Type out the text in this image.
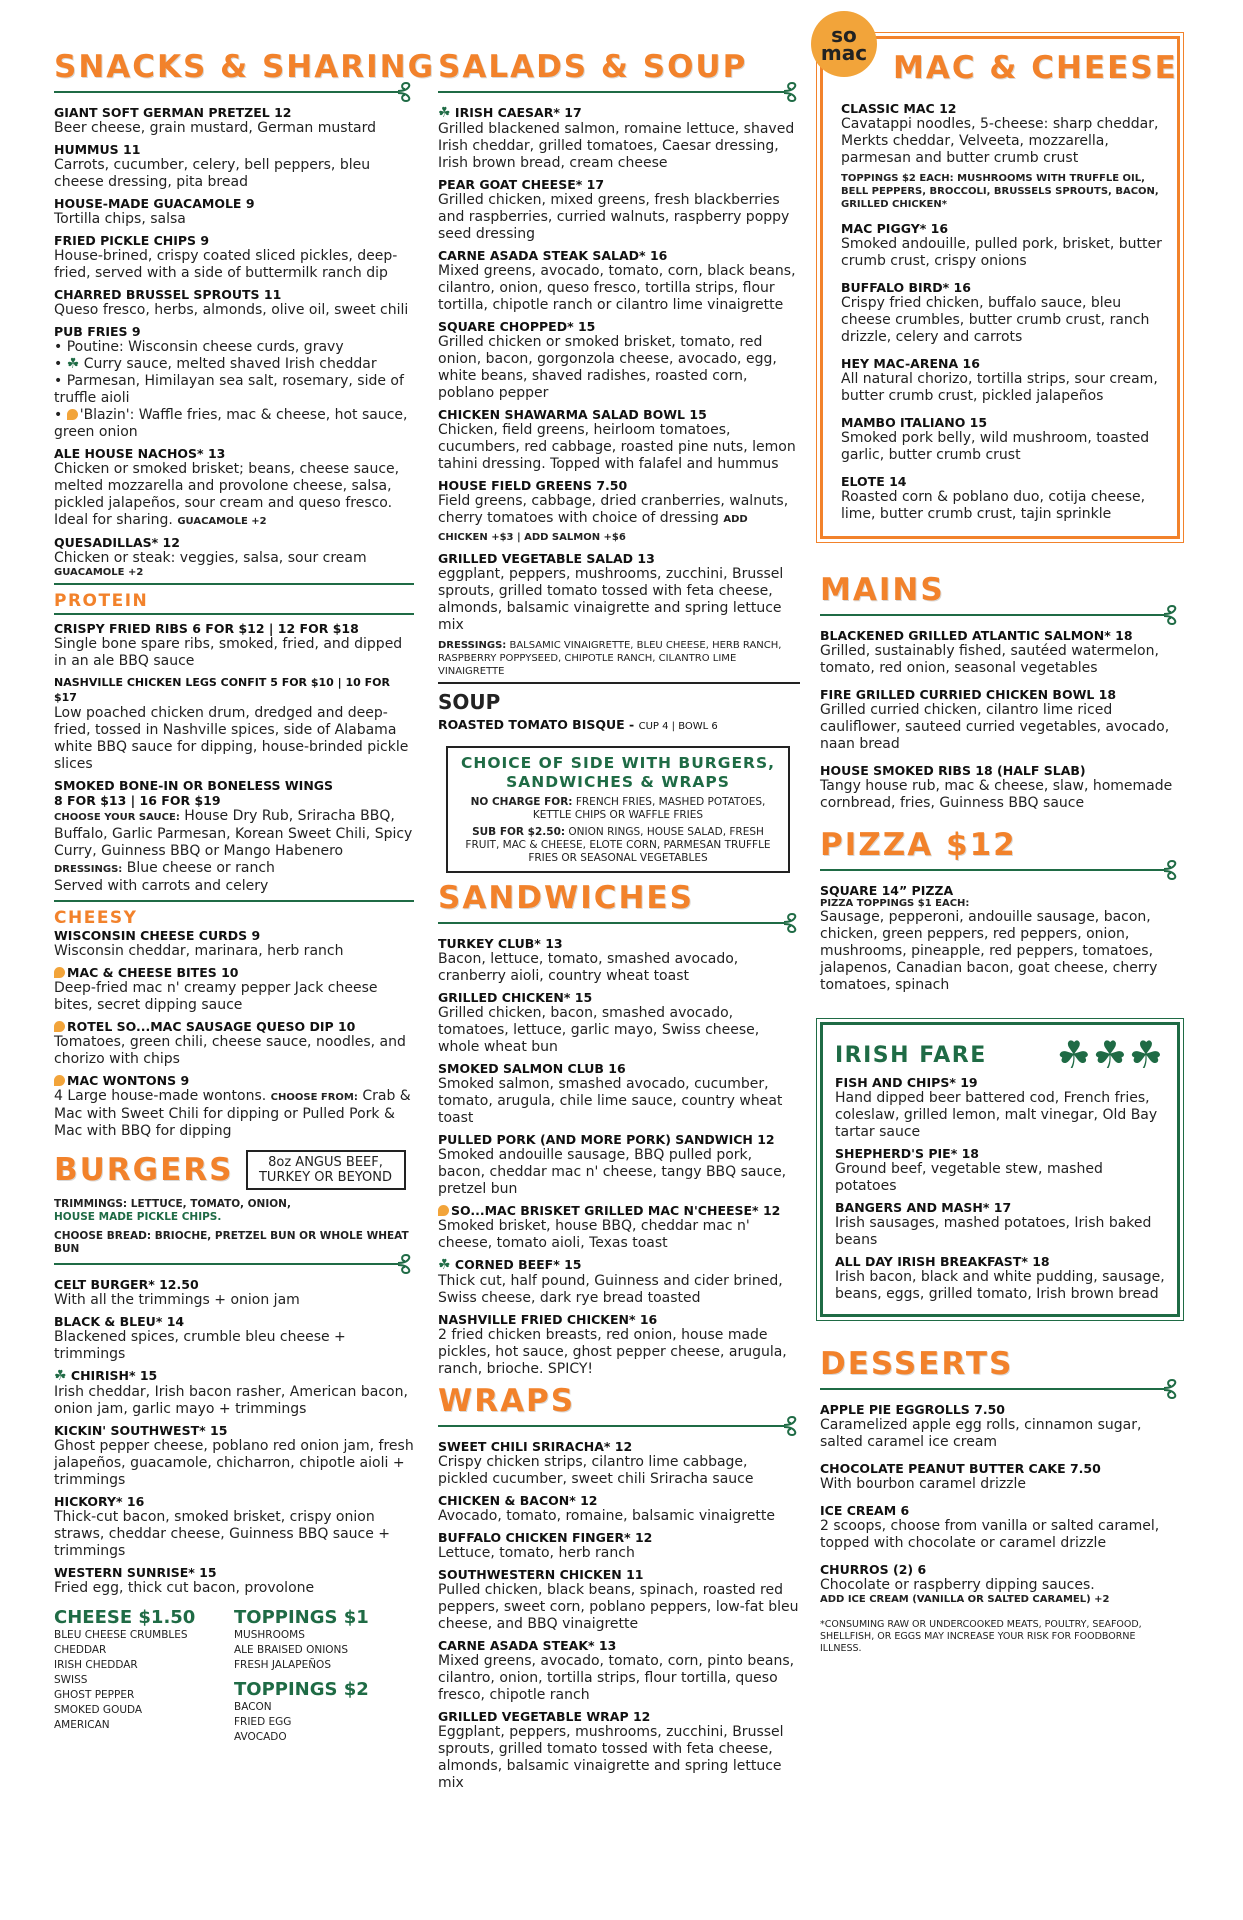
SNACKS & SHARING
GIANT SOFT GERMAN PRETZEL 12
Beer cheese, grain mustard, German mustard
HUMMUS 11
Carrots, cucumber, celery, bell peppers, bleu cheese dressing, pita bread
HOUSE-MADE GUACAMOLE 9
Tortilla chips, salsa
FRIED PICKLE CHIPS 9
House-brined, crispy coated sliced pickles, deep-fried, served with a side of buttermilk ranch dip
CHARRED BRUSSEL SPROUTS 11
Queso fresco, herbs, almonds, olive oil, sweet chili
PUB FRIES 9
• Poutine: Wisconsin cheese curds, gravy
• ☘ Curry sauce, melted shaved Irish cheddar
• Parmesan, Himilayan sea salt, rosemary, side of truffle aioli
• 'Blazin': Waffle fries, mac & cheese, hot sauce, green onion
ALE HOUSE NACHOS* 13
Chicken or smoked brisket; beans, cheese sauce, melted mozzarella and provolone cheese, salsa, pickled jalapeños, sour cream and queso fresco. Ideal for sharing. GUACAMOLE +2
QUESADILLAS* 12
Chicken or steak: veggies, salsa, sour cream
GUACAMOLE +2
PROTEIN
CRISPY FRIED RIBS 6 FOR $12 | 12 FOR $18
Single bone spare ribs, smoked, fried, and dipped in an ale BBQ sauce
NASHVILLE CHICKEN LEGS CONFIT 5 FOR $10 | 10 FOR $17
Low poached chicken drum, dredged and deep-fried, tossed in Nashville spices, side of Alabama white BBQ sauce for dipping, house-brinded pickle slices
SMOKED BONE-IN OR BONELESS WINGS
8 FOR $13 | 16 FOR $19
CHOOSE YOUR SAUCE: House Dry Rub, Sriracha BBQ, Buffalo, Garlic Parmesan, Korean Sweet Chili, Spicy Curry, Guinness BBQ or Mango Habenero
DRESSINGS: Blue cheese or ranch
Served with carrots and celery
CHEESY
WISCONSIN CHEESE CURDS 9
Wisconsin cheddar, marinara, herb ranch
MAC & CHEESE BITES 10
Deep-fried mac n' creamy pepper Jack cheese bites, secret dipping sauce
ROTEL SO...MAC SAUSAGE QUESO DIP 10
Tomatoes, green chili, cheese sauce, noodles, and chorizo with chips
MAC WONTONS 9
4 Large house-made wontons. CHOOSE FROM: Crab & Mac with Sweet Chili for dipping or Pulled Pork & Mac with BBQ for dipping
BURGERS	8oz ANGUS BEEF, TURKEY OR BEYOND
TRIMMINGS: LETTUCE, TOMATO, ONION,
HOUSE MADE PICKLE CHIPS.
CHOOSE BREAD: BRIOCHE, PRETZEL BUN OR WHOLE WHEAT BUN
CELT BURGER* 12.50
With all the trimmings + onion jam
BLACK & BLEU* 14
Blackened spices, crumble bleu cheese + trimmings
☘ CHIRISH* 15
Irish cheddar, Irish bacon rasher, American bacon, onion jam, garlic mayo + trimmings
KICKIN' SOUTHWEST* 15
Ghost pepper cheese, poblano red onion jam, fresh jalapeños, guacamole, chicharron, chipotle aioli + trimmings
HICKORY* 16
Thick-cut bacon, smoked brisket, crispy onion straws, cheddar cheese, Guinness BBQ sauce + trimmings
WESTERN SUNRISE* 15
Fried egg, thick cut bacon, provolone
CHEESE $1.50
BLEU CHEESE CRUMBLES
CHEDDAR
IRISH CHEDDAR
SWISS
GHOST PEPPER
SMOKED GOUDA
AMERICAN
TOPPINGS $1
MUSHROOMS
ALE BRAISED ONIONS
FRESH JALAPEÑOS
TOPPINGS $2
BACON
FRIED EGG
AVOCADO
SALADS & SOUP
☘ IRISH CAESAR* 17
Grilled blackened salmon, romaine lettuce, shaved Irish cheddar, grilled tomatoes, Caesar dressing, Irish brown bread, cream cheese
PEAR GOAT CHEESE* 17
Grilled chicken, mixed greens, fresh blackberries and raspberries, curried walnuts, raspberry poppy seed dressing
CARNE ASADA STEAK SALAD* 16
Mixed greens, avocado, tomato, corn, black beans, cilantro, onion, queso fresco, tortilla strips, flour tortilla, chipotle ranch or cilantro lime vinaigrette
SQUARE CHOPPED* 15
Grilled chicken or smoked brisket, tomato, red onion, bacon, gorgonzola cheese, avocado, egg, white beans, shaved radishes, roasted corn, poblano pepper
CHICKEN SHAWARMA SALAD BOWL 15
Chicken, field greens, heirloom tomatoes, cucumbers, red cabbage, roasted pine nuts, lemon tahini dressing. Topped with falafel and hummus
HOUSE FIELD GREENS 7.50
Field greens, cabbage, dried cranberries, walnuts, cherry tomatoes with choice of dressing ADD CHICKEN +$3 | ADD SALMON +$6
GRILLED VEGETABLE SALAD 13
eggplant, peppers, mushrooms, zucchini, Brussel sprouts, grilled tomato tossed with feta cheese, almonds, balsamic vinaigrette and spring lettuce mix
DRESSINGS: BALSAMIC VINAIGRETTE, BLEU CHEESE, HERB RANCH, RASPBERRY POPPYSEED, CHIPOTLE RANCH, CILANTRO LIME VINAIGRETTE
SOUP
ROASTED TOMATO BISQUE - CUP 4 | BOWL 6
CHOICE OF SIDE WITH BURGERS, SANDWICHES & WRAPS
NO CHARGE FOR: FRENCH FRIES, MASHED POTATOES, KETTLE CHIPS OR WAFFLE FRIES
SUB FOR $2.50: ONION RINGS, HOUSE SALAD, FRESH FRUIT, MAC & CHEESE, ELOTE CORN, PARMESAN TRUFFLE FRIES OR SEASONAL VEGETABLES
SANDWICHES
TURKEY CLUB* 13
Bacon, lettuce, tomato, smashed avocado, cranberry aioli, country wheat toast
GRILLED CHICKEN* 15
Grilled chicken, bacon, smashed avocado, tomatoes, lettuce, garlic mayo, Swiss cheese, whole wheat bun
SMOKED SALMON CLUB 16
Smoked salmon, smashed avocado, cucumber, tomato, arugula, chile lime sauce, country wheat toast
PULLED PORK (AND MORE PORK) SANDWICH 12
Smoked andouille sausage, BBQ pulled pork, bacon, cheddar mac n' cheese, tangy BBQ sauce, pretzel bun
SO...MAC BRISKET GRILLED MAC N'CHEESE* 12
Smoked brisket, house BBQ, cheddar mac n' cheese, tomato aioli, Texas toast
☘ CORNED BEEF* 15
Thick cut, half pound, Guinness and cider brined, Swiss cheese, dark rye bread toasted
NASHVILLE FRIED CHICKEN* 16
2 fried chicken breasts, red onion, house made pickles, hot sauce, ghost pepper cheese, arugula, ranch, brioche. SPICY!
WRAPS
SWEET CHILI SRIRACHA* 12
Crispy chicken strips, cilantro lime cabbage, pickled cucumber, sweet chili Sriracha sauce
CHICKEN & BACON* 12
Avocado, tomato, romaine, balsamic vinaigrette
BUFFALO CHICKEN FINGER* 12
Lettuce, tomato, herb ranch
SOUTHWESTERN CHICKEN 11
Pulled chicken, black beans, spinach, roasted red peppers, sweet corn, poblano peppers, low-fat bleu cheese, and BBQ vinaigrette
CARNE ASADA STEAK* 13
Mixed greens, avocado, tomato, corn, pinto beans, cilantro, onion, tortilla strips, flour tortilla, queso fresco, chipotle ranch
GRILLED VEGETABLE WRAP 12
Eggplant, peppers, mushrooms, zucchini, Brussel sprouts, grilled tomato tossed with feta cheese, almonds, balsamic vinaigrette and spring lettuce mix
so
mac MAC & CHEESE
CLASSIC MAC 12
Cavatappi noodles, 5-cheese: sharp cheddar, Merkts cheddar, Velveeta, mozzarella, parmesan and butter crumb crust
TOPPINGS $2 EACH: MUSHROOMS WITH TRUFFLE OIL, BELL PEPPERS, BROCCOLI, BRUSSELS SPROUTS, BACON, GRILLED CHICKEN*
MAC PIGGY* 16
Smoked andouille, pulled pork, brisket, butter crumb crust, crispy onions
BUFFALO BIRD* 16
Crispy fried chicken, buffalo sauce, bleu cheese crumbles, butter crumb crust, ranch drizzle, celery and carrots
HEY MAC-ARENA 16
All natural chorizo, tortilla strips, sour cream, butter crumb crust, pickled jalapeños
MAMBO ITALIANO 15
Smoked pork belly, wild mushroom, toasted garlic, butter crumb crust
ELOTE 14
Roasted corn & poblano duo, cotija cheese, lime, butter crumb crust, tajin sprinkle
MAINS
BLACKENED GRILLED ATLANTIC SALMON* 18
Grilled, sustainably fished, sautéed watermelon, tomato, red onion, seasonal vegetables
FIRE GRILLED CURRIED CHICKEN BOWL 18
Grilled curried chicken, cilantro lime riced cauliflower, sauteed curried vegetables, avocado, naan bread
HOUSE SMOKED RIBS 18 (HALF SLAB)
Tangy house rub, mac & cheese, slaw, homemade cornbread, fries, Guinness BBQ sauce
PIZZA $12
SQUARE 14” PIZZA
PIZZA TOPPINGS $1 EACH:
Sausage, pepperoni, andouille sausage, bacon, chicken, green peppers, red peppers, onion, mushrooms, pineapple, red peppers, tomatoes, jalapenos, Canadian bacon, goat cheese, cherry tomatoes, spinach
IRISH FARE ☘☘☘
FISH AND CHIPS* 19
Hand dipped beer battered cod, French fries, coleslaw, grilled lemon, malt vinegar, Old Bay tartar sauce
SHEPHERD'S PIE* 18
Ground beef, vegetable stew, mashed potatoes
BANGERS AND MASH* 17
Irish sausages, mashed potatoes, Irish baked beans
ALL DAY IRISH BREAKFAST* 18
Irish bacon, black and white pudding, sausage, beans, eggs, grilled tomato, Irish brown bread
DESSERTS
APPLE PIE EGGROLLS 7.50
Caramelized apple egg rolls, cinnamon sugar, salted caramel ice cream
CHOCOLATE PEANUT BUTTER CAKE 7.50
With bourbon caramel drizzle
ICE CREAM 6
2 scoops, choose from vanilla or salted caramel, topped with chocolate or caramel drizzle
CHURROS (2) 6
Chocolate or raspberry dipping sauces.
ADD ICE CREAM (VANILLA OR SALTED CARAMEL) +2
*CONSUMING RAW OR UNDERCOOKED MEATS, POULTRY, SEAFOOD, SHELLFISH, OR EGGS MAY INCREASE YOUR RISK FOR FOODBORNE ILLNESS.
